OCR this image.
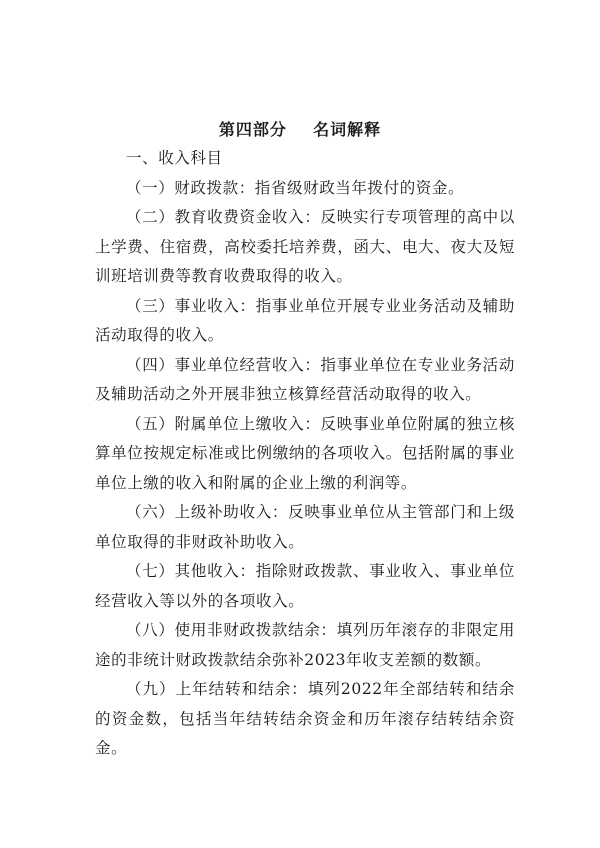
第四部分    名词解释

一、收入科目

（一）财政拨款：指省级财政当年拨付的资金。

（二）教育收费资金收入：反映实行专项管理的高中以上学费、住宿费，高校委托培养费，函大、电大、夜大及短训班培训费等教育收费取得的收入。

（三）事业收入：指事业单位开展专业业务活动及辅助活动取得的收入。

（四）事业单位经营收入：指事业单位在专业业务活动及辅助活动之外开展非独立核算经营活动取得的收入。

（五）附属单位上缴收入：反映事业单位附属的独立核算单位按规定标准或比例缴纳的各项收入。包括附属的事业单位上缴的收入和附属的企业上缴的利润等。

（六）上级补助收入：反映事业单位从主管部门和上级单位取得的非财政补助收入。

（七）其他收入：指除财政拨款、事业收入、事业单位经营收入等以外的各项收入。

（八）使用非财政拨款结余：填列历年滚存的非限定用途的非统计财政拨款结余弥补2023年收支差额的数额。

（九）上年结转和结余：填列2022年全部结转和结余的资金数，包括当年结转结余资金和历年滚存结转结余资金。
